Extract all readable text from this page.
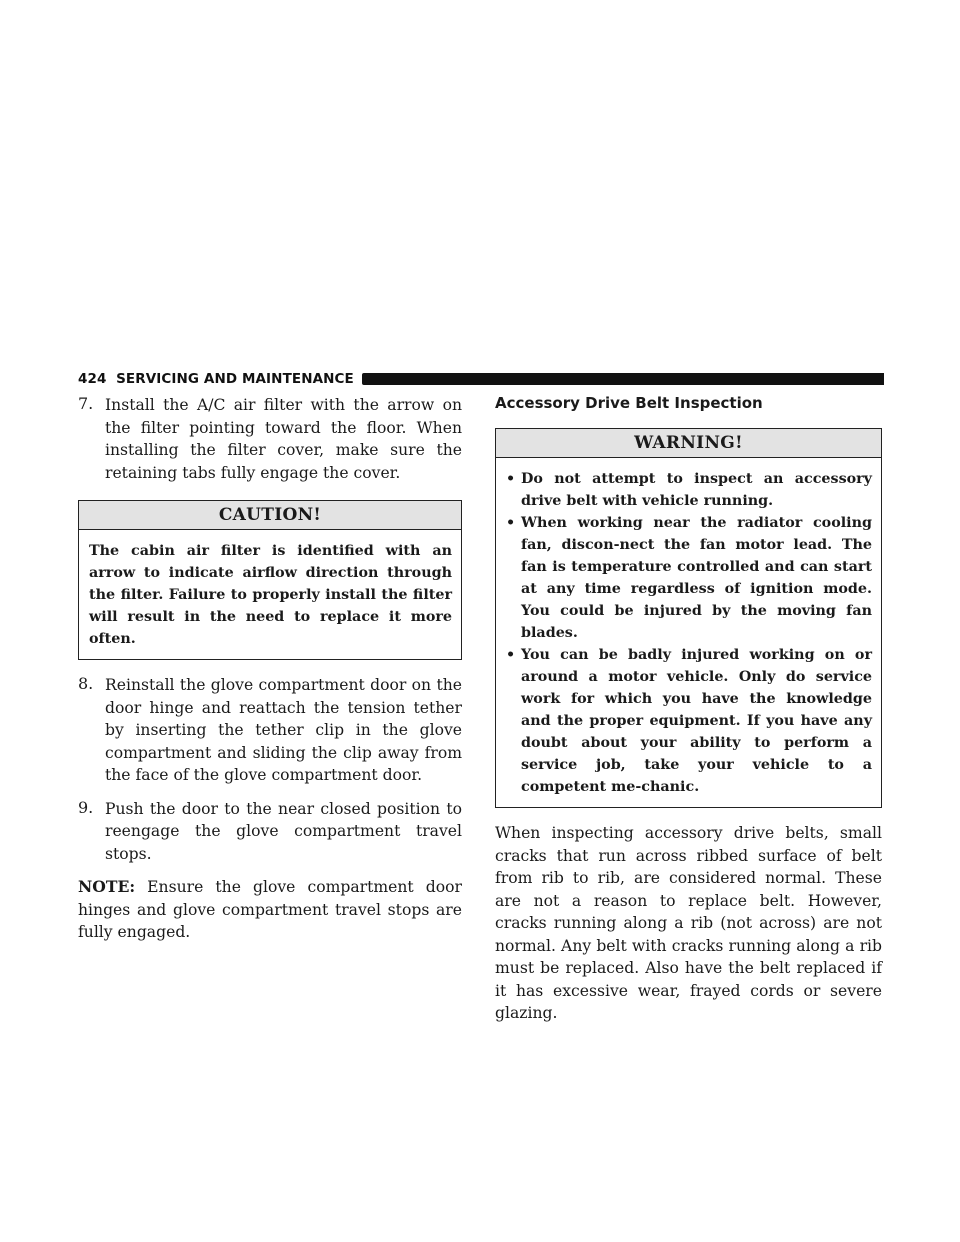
424 SERVICING AND MAINTENANCE
7. Install the A/C air filter with the arrow on the filter pointing toward the floor. When installing the filter cover, make sure the retaining tabs fully engage the cover.

CAUTION!

The cabin air filter is identified with an arrow to indicate airflow direction through the filter. Failure to properly install the filter will result in the need to replace it more often.

8. Reinstall the glove compartment door on the door hinge and reattach the tension tether by inserting the tether clip in the glove compartment and sliding the clip away from the face of the glove compartment door.

9. Push the door to the near closed position to reengage the glove compartment travel stops.

NOTE: Ensure the glove compartment door hinges and glove compartment travel stops are fully engaged.

Accessory Drive Belt Inspection
WARNING!
• Do not attempt to inspect an accessory drive belt with vehicle running.
• When working near the radiator cooling fan, discon-nect the fan motor lead. The fan is temperature controlled and can start at any time regardless of ignition mode. You could be injured by the moving fan blades.
• You can be badly injured working on or around a motor vehicle. Only do service work for which you have the knowledge and the proper equipment. If you have any doubt about your ability to perform a service job, take your vehicle to a competent me-chanic.

When inspecting accessory drive belts, small cracks that run across ribbed surface of belt from rib to rib, are considered normal. These are not a reason to replace belt. However, cracks running along a rib (not across) are not normal. Any belt with cracks running along a rib must be replaced. Also have the belt replaced if it has excessive wear, frayed cords or severe glazing.
